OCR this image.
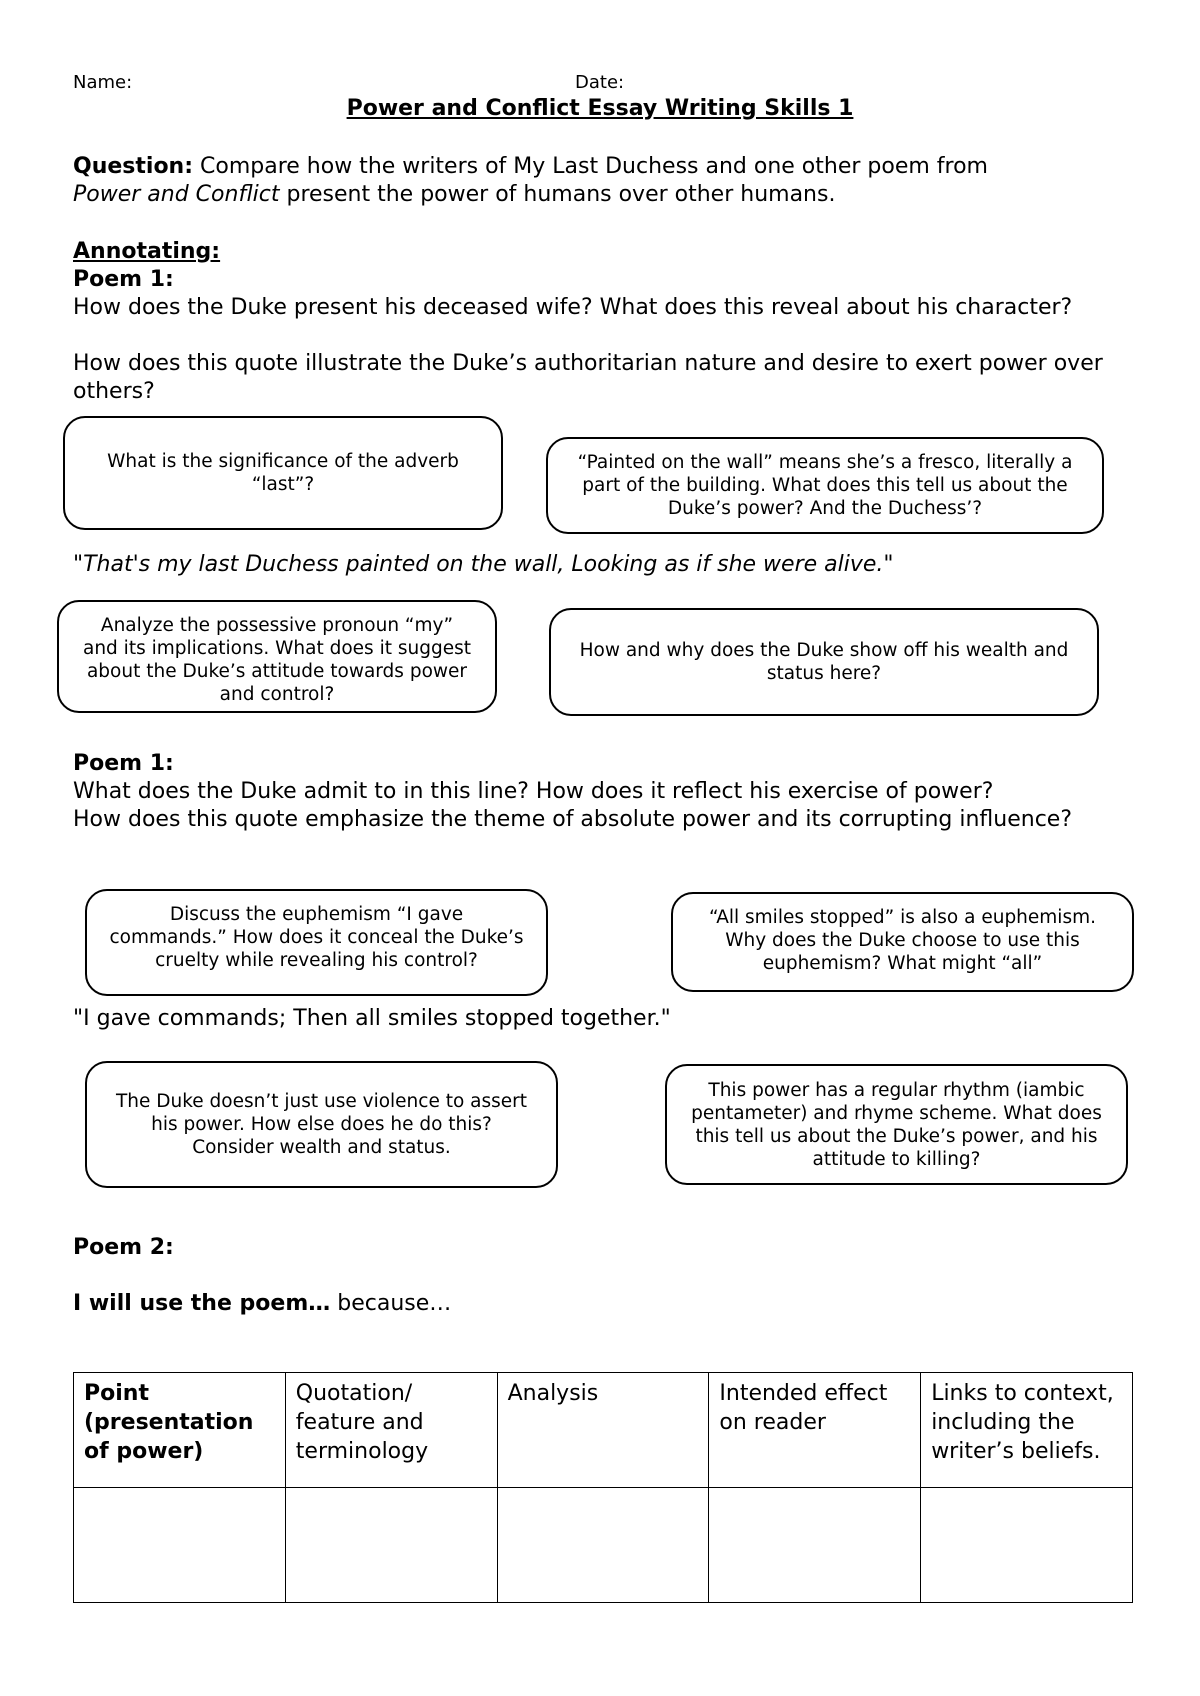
Name:	Date:

Power and Conflict Essay Writing Skills 1

Question: Compare how the writers of My Last Duchess and one other poem from
Power and Conflict present the power of humans over other humans.

Annotating:

Poem 1:

How does the Duke present his deceased wife? What does this reveal about his character?

How does this quote illustrate the Duke’s authoritarian nature and desire to exert power over others?

What is the significance of the adverb “last”?
“Painted on the wall” means she’s a fresco, literally a part of the building. What does this tell us about the Duke’s power? And the Duchess’?

"That's my last Duchess painted on the wall, Looking as if she were alive."

Analyze the possessive pronoun “my” and its implications. What does it suggest about the Duke’s attitude towards power and control?
How and why does the Duke show off his wealth and status here?

Poem 1:

What does the Duke admit to in this line? How does it reflect his exercise of power?

How does this quote emphasize the theme of absolute power and its corrupting influence?

Discuss the euphemism “I gave commands.” How does it conceal the Duke’s cruelty while revealing his control?
“All smiles stopped” is also a euphemism. Why does the Duke choose to use this euphemism? What might “all”

"I gave commands; Then all smiles stopped together."

The Duke doesn’t just use violence to assert his power. How else does he do this? Consider wealth and status.
This power has a regular rhythm (iambic pentameter) and rhyme scheme. What does this tell us about the Duke’s power, and his attitude to killing?

Poem 2:

I will use the poem… because…

Point (presentation of power)	Quotation/ feature and terminology	Analysis	Intended effect on reader	Links to context, including the writer’s beliefs.
